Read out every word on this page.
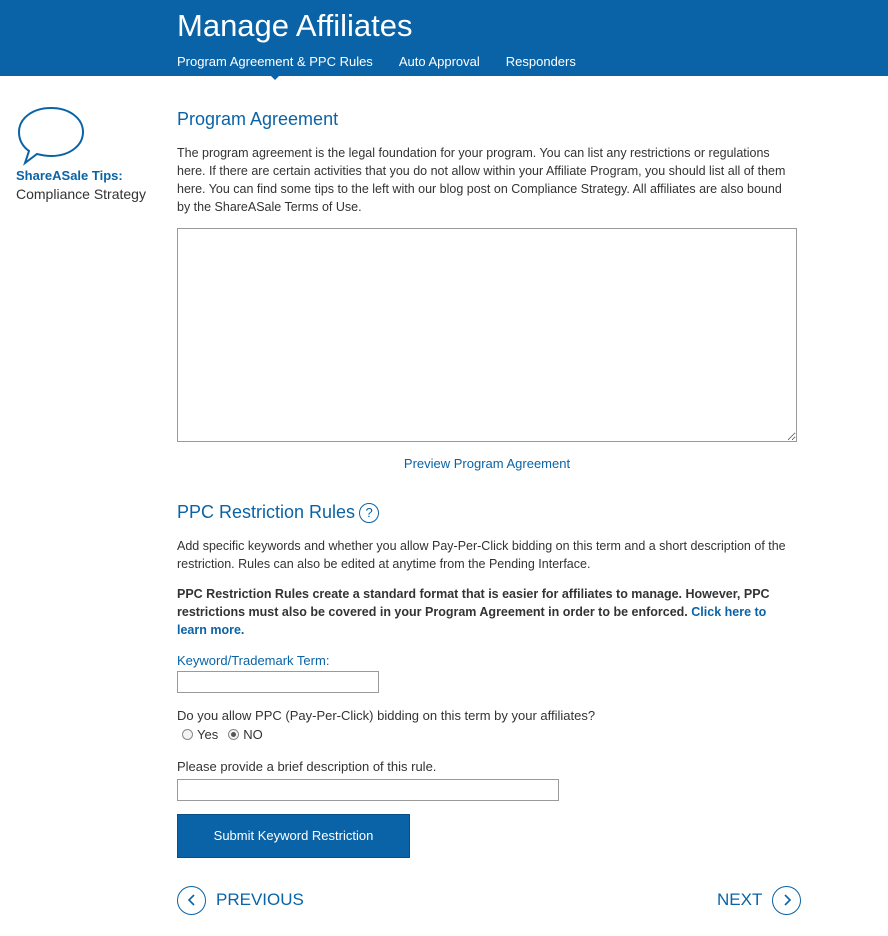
Manage Affiliates
Program Agreement & PPC Rules Auto Approval Responders
ShareASale Tips:
Compliance Strategy
Program Agreement
The program agreement is the legal foundation for your program. You can list any restrictions or regulations here. If there are certain activities that you do not allow within your Affiliate Program, you should list all of them here. You can find some tips to the left with our blog post on Compliance Strategy. All affiliates are also bound by the ShareASale Terms of Use.
Preview Program Agreement
PPC Restriction Rules ?
Add specific keywords and whether you allow Pay-Per-Click bidding on this term and a short description of the restriction. Rules can also be edited at anytime from the Pending Interface.
PPC Restriction Rules create a standard format that is easier for affiliates to manage. However, PPC restrictions must also be covered in your Program Agreement in order to be enforced. Click here to learn more.
Keyword/Trademark Term:
Do you allow PPC (Pay-Per-Click) bidding on this term by your affiliates?
Yes NO
Please provide a brief description of this rule.
Submit Keyword Restriction
PREVIOUS	NEXT
